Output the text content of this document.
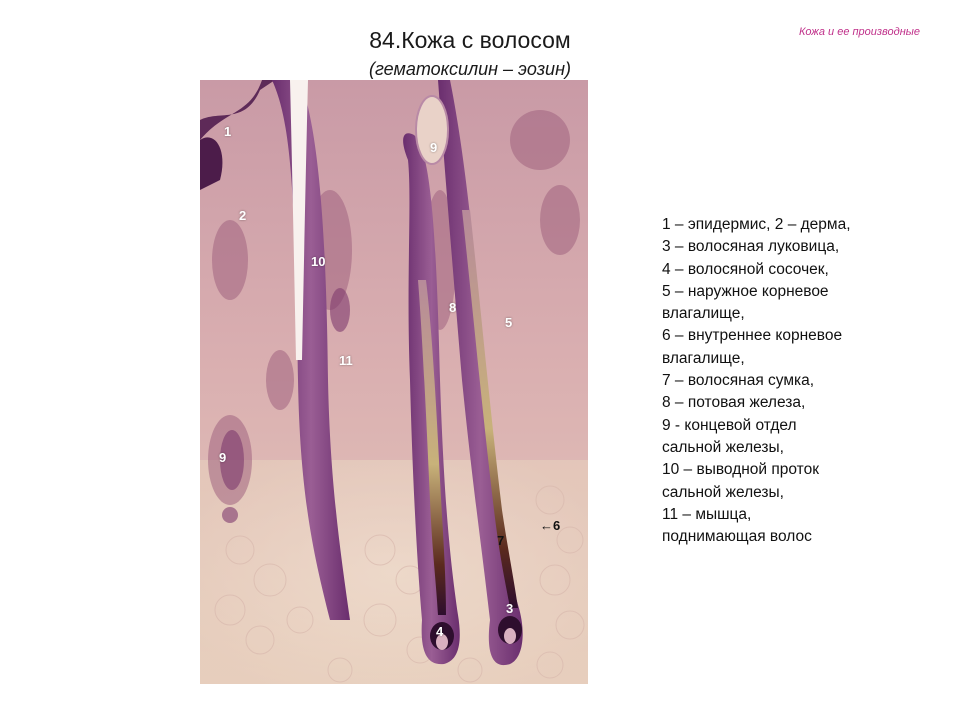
84.Кожа с волосом
(гематоксилин – эозин)
Кожа и ее производные
1
2
10
11
9
9
8
5
7
←6
4
3
1 – эпидермис, 2 – дерма,
3 – волосяная луковица,
4 – волосяной сосочек,
5 – наружное корневое
влагалище,
6 – внутреннее корневое
влагалище,
7 – волосяная сумка,
8 – потовая железа,
9 - концевой отдел
сальной железы,
10 – выводной проток
сальной железы,
11 – мышца,
поднимающая волос
